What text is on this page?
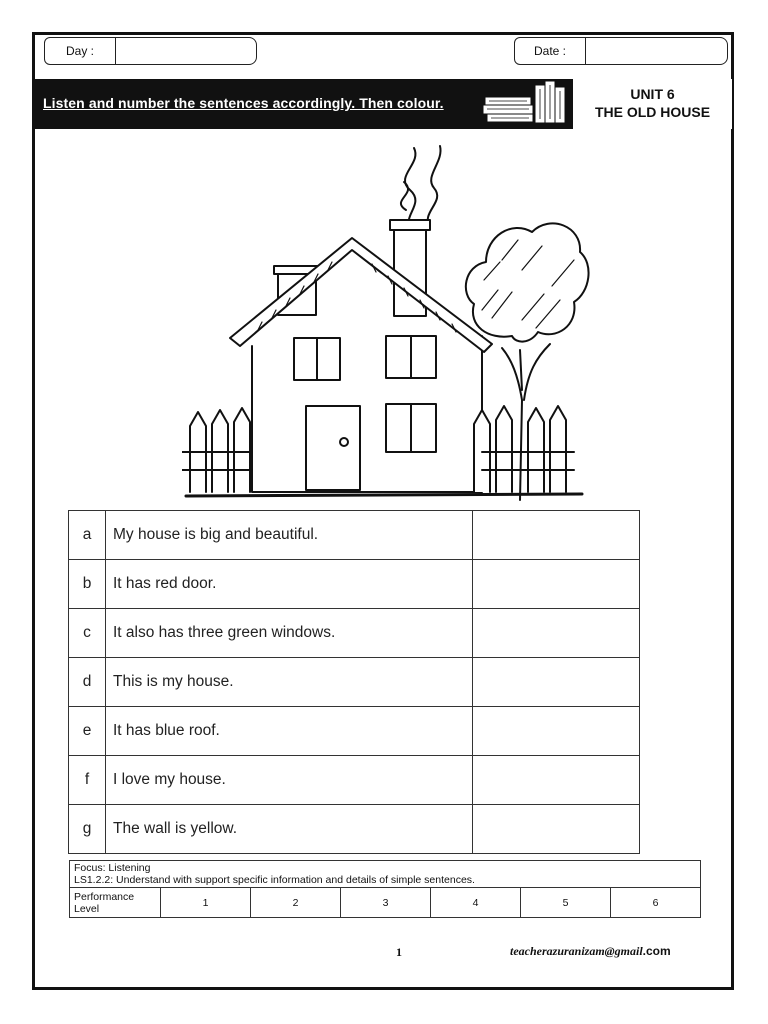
Day :	Date :
Listen and number the sentences accordingly. Then colour.
UNIT 6
THE OLD HOUSE
a	My house is big and beautiful.	
b	It has red door.	
c	It also has three green windows.	
d	This is my house.	
e	It has blue roof.	
f	I love my house.	
g	The wall is yellow.	
Focus: Listening
LS1.2.2: Understand with support specific information and details of simple sentences.

Performance Level	1	2	3	4	5	6
1	teacherazuranizam@gmail.com
